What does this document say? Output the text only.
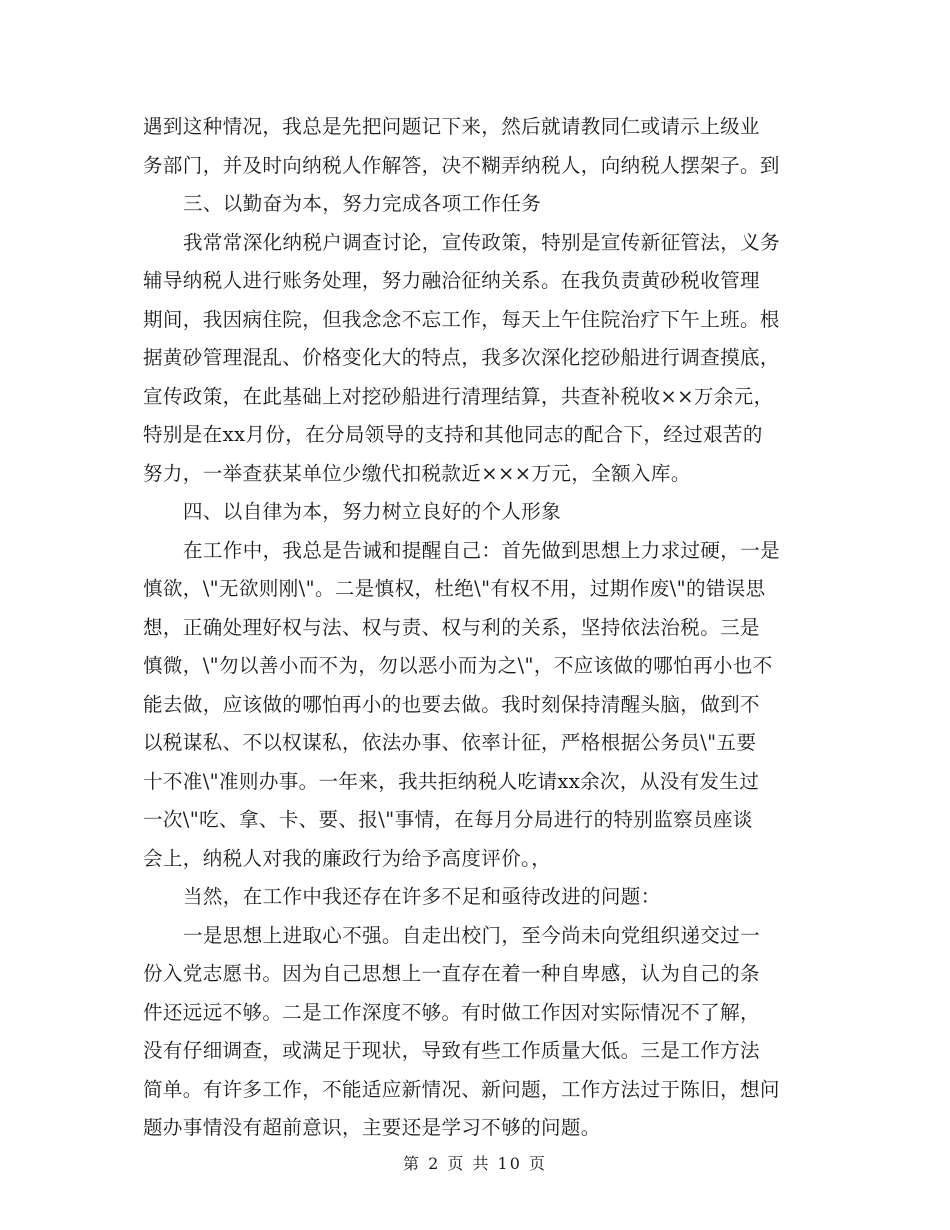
遇到这种情况，我总是先把问题记下来，然后就请教同仁或请示上级业
务部门，并及时向纳税人作解答，决不糊弄纳税人，向纳税人摆架子。到
三、以勤奋为本，努力完成各项工作任务
我常常深化纳税户调查讨论，宣传政策，特别是宣传新征管法，义务
辅导纳税人进行账务处理，努力融洽征纳关系。在我负责黄砂税收管理
期间，我因病住院，但我念念不忘工作，每天上午住院治疗下午上班。根
据黄砂管理混乱、价格变化大的特点，我多次深化挖砂船进行调查摸底，
宣传政策，在此基础上对挖砂船进行清理结算，共查补税收××万余元，
特别是在xx月份，在分局领导的支持和其他同志的配合下，经过艰苦的
努力，一举查获某单位少缴代扣税款近×××万元，全额入库。
四、以自律为本，努力树立良好的个人形象
在工作中，我总是告诫和提醒自己：首先做到思想上力求过硬，一是
慎欲，\"无欲则刚\"。二是慎权，杜绝\"有权不用，过期作废\"的错误思
想，正确处理好权与法、权与责、权与利的关系，坚持依法治税。三是
慎微，\"勿以善小而不为，勿以恶小而为之\"，不应该做的哪怕再小也不
能去做，应该做的哪怕再小的也要去做。我时刻保持清醒头脑，做到不
以税谋私、不以权谋私，依法办事、依率计征，严格根据公务员\"五要
十不准\"准则办事。一年来，我共拒纳税人吃请xx余次，从没有发生过
一次\"吃、拿、卡、要、报\"事情，在每月分局进行的特别监察员座谈
会上，纳税人对我的廉政行为给予高度评价。，
当然，在工作中我还存在许多不足和亟待改进的问题：
一是思想上进取心不强。自走出校门，至今尚未向党组织递交过一
份入党志愿书。因为自己思想上一直存在着一种自卑感，认为自己的条
件还远远不够。二是工作深度不够。有时做工作因对实际情况不了解，
没有仔细调查，或满足于现状，导致有些工作质量大低。三是工作方法
简单。有许多工作，不能适应新情况、新问题，工作方法过于陈旧，想问
题办事情没有超前意识，主要还是学习不够的问题。
第 2 页 共 10 页
